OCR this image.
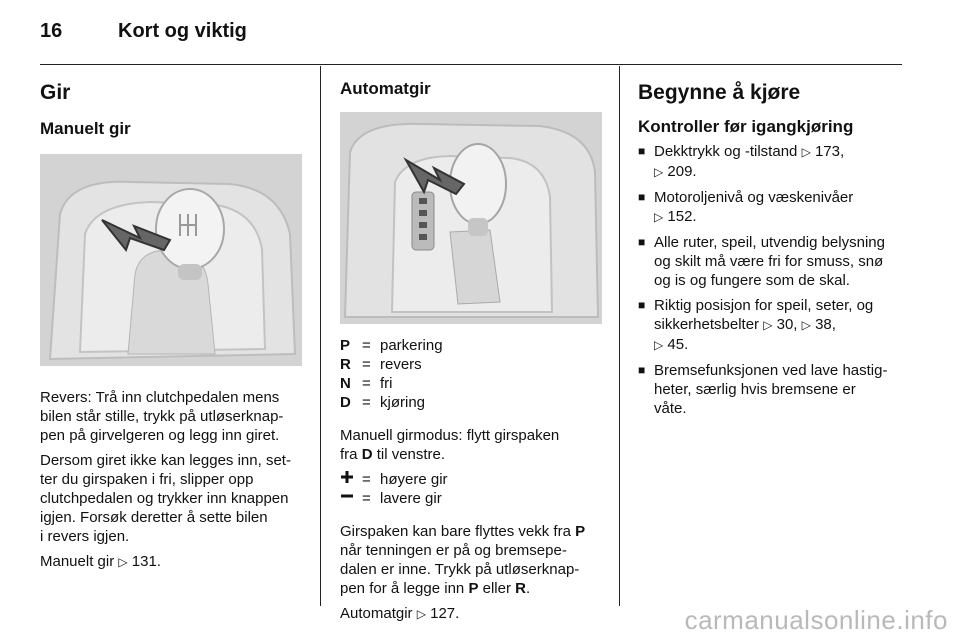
16	Kort og viktig
Gir
Manuelt gir

Revers: Trå inn clutchpedalen mens
bilen står stille, trykk på utløserknap-
pen på girvelgeren og legg inn giret.

Dersom giret ikke kan legges inn, set-
ter du girspaken i fri, slipper opp
clutchpedalen og trykker inn knappen
igjen. Forsøk deretter å sette bilen
i revers igjen.

Manuelt gir ▷ 131.

Automatgir
P = parkering
R = revers
N = fri
D = kjøring

Manuell girmodus: flytt girspaken
fra D til venstre.

= høyere gir
= lavere gir

Girspaken kan bare flyttes vekk fra P
når tenningen er på og bremsepe-
dalen er inne. Trykk på utløserknap-
pen for å legge inn P eller R.

Automatgir ▷ 127.

Begynne å kjøre
Kontroller før igangkjøring
■ Dekktrykk og -tilstand ▷ 173,
▷ 209.
■ Motoroljenivå og væskenivåer
▷ 152.
■ Alle ruter, speil, utvendig belysning
og skilt må være fri for smuss, snø
og is og fungere som de skal.
■ Riktig posisjon for speil, seter, og
sikkerhetsbelter ▷ 30, ▷ 38,
▷ 45.
■ Bremsefunksjonen ved lave hastig-
heter, særlig hvis bremsene er
våte.
carmanualsonline.info
